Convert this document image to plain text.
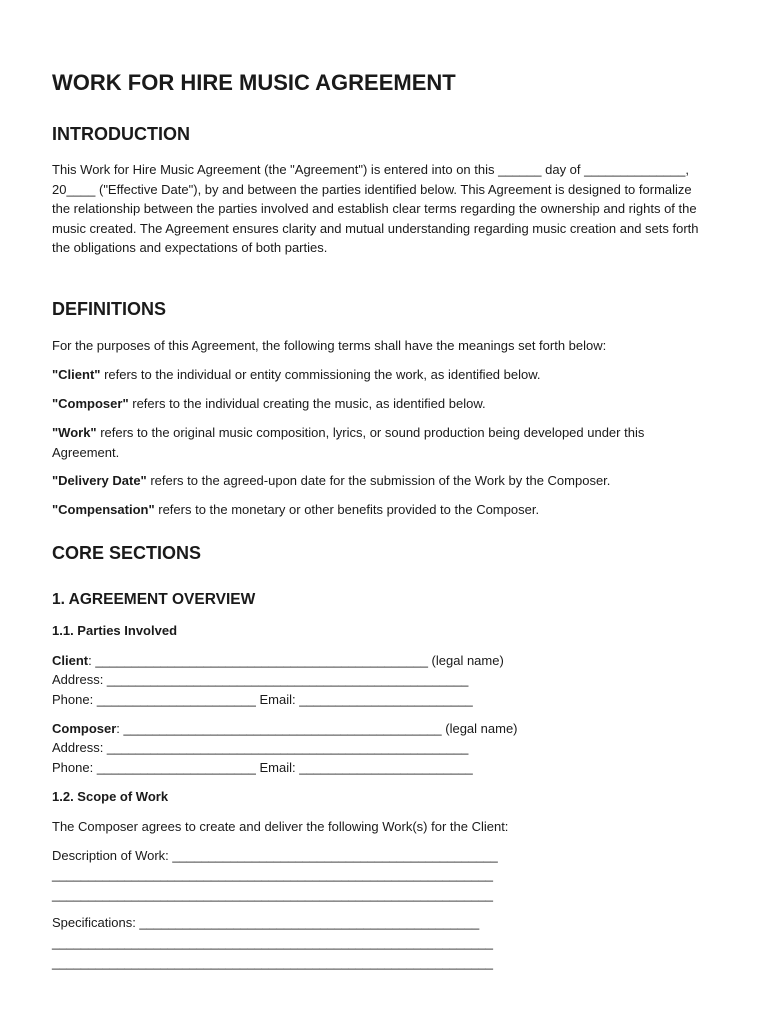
WORK FOR HIRE MUSIC AGREEMENT
INTRODUCTION

This Work for Hire Music Agreement (the "Agreement") is entered into on this ______ day of ______________, 20____ ("Effective Date"), by and between the parties identified below. This Agreement is designed to formalize the relationship between the parties involved and establish clear terms regarding the ownership and rights of the music created. The Agreement ensures clarity and mutual understanding regarding music creation and sets forth the obligations and expectations of both parties.

DEFINITIONS

For the purposes of this Agreement, the following terms shall have the meanings set forth below:

"Client" refers to the individual or entity commissioning the work, as identified below.

"Composer" refers to the individual creating the music, as identified below.

"Work" refers to the original music composition, lyrics, or sound production being developed under this Agreement.

"Delivery Date" refers to the agreed-upon date for the submission of the Work by the Composer.

"Compensation" refers to the monetary or other benefits provided to the Composer.

CORE SECTIONS
1. AGREEMENT OVERVIEW
1.1. Parties Involved

Client: ______________________________________________ (legal name)

Address: __________________________________________________

Phone: ______________________ Email: ________________________

Composer: ____________________________________________ (legal name)

Address: __________________________________________________

Phone: ______________________ Email: ________________________

1.2. Scope of Work

The Composer agrees to create and deliver the following Work(s) for the Client:

Description of Work: _____________________________________________

_____________________________________________________________

_____________________________________________________________

Specifications: _______________________________________________

_____________________________________________________________

_____________________________________________________________
